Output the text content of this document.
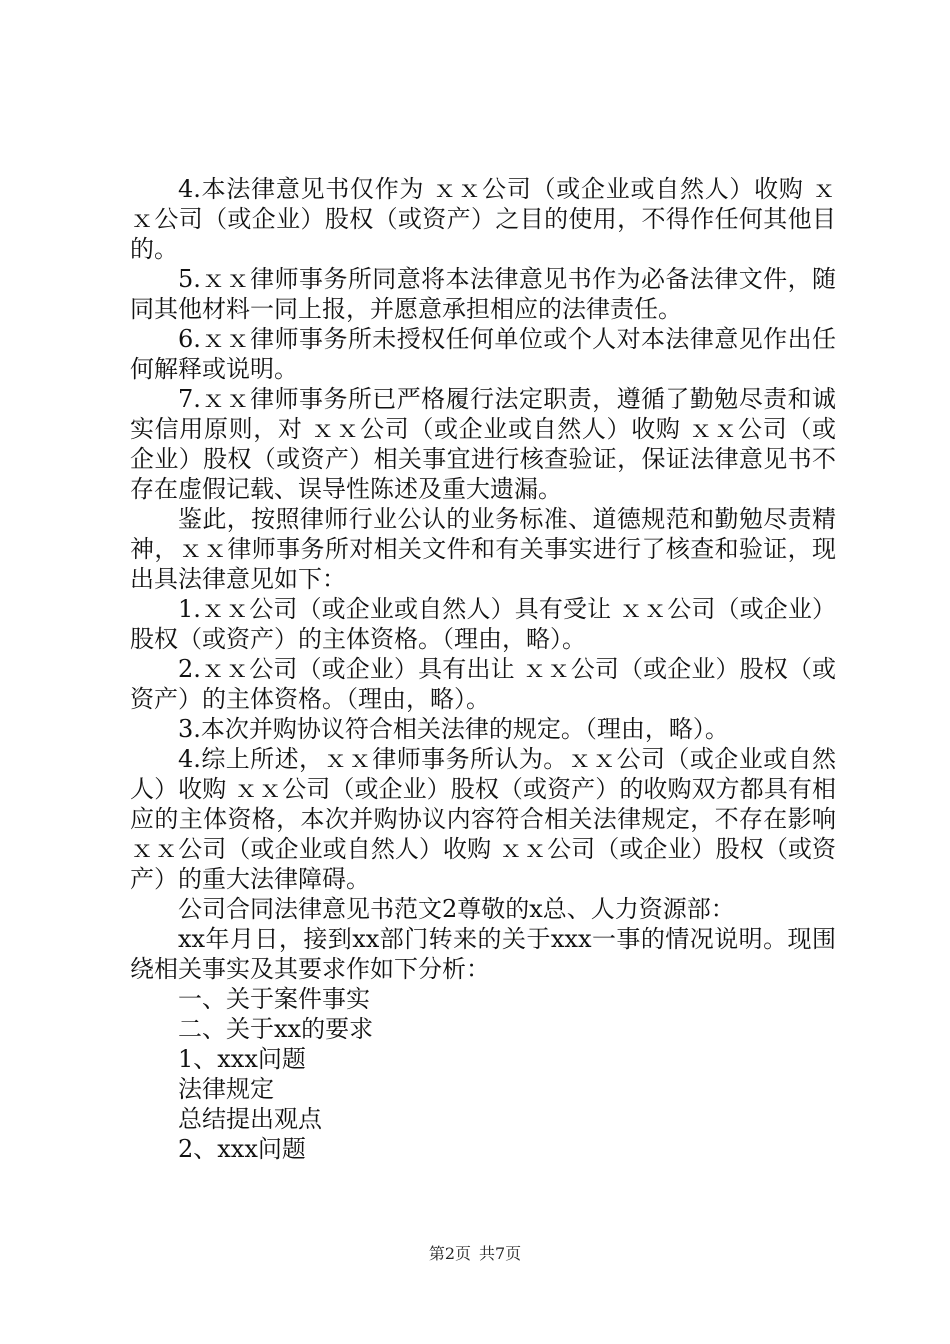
4.本法律意见书仅作为 ｘｘ公司（或企业或自然人）收购 ｘｘ公司（或企业）股权（或资产）之目的使用，不得作任何其他目的。

5.ｘｘ律师事务所同意将本法律意见书作为必备法律文件，随同其他材料一同上报，并愿意承担相应的法律责任。

6.ｘｘ律师事务所未授权任何单位或个人对本法律意见作出任何解释或说明。

7.ｘｘ律师事务所已严格履行法定职责，遵循了勤勉尽责和诚实信用原则，对 ｘｘ公司（或企业或自然人）收购 ｘｘ公司（或企业）股权（或资产）相关事宜进行核查验证，保证法律意见书不存在虚假记载、误导性陈述及重大遗漏。

鉴此，按照律师行业公认的业务标准、道德规范和勤勉尽责精神，ｘｘ律师事务所对相关文件和有关事实进行了核查和验证，现出具法律意见如下：

1.ｘｘ公司（或企业或自然人）具有受让 ｘｘ公司（或企业）股权（或资产）的主体资格。（理由，略）。

2.ｘｘ公司（或企业）具有出让 ｘｘ公司（或企业）股权（或资产）的主体资格。（理由，略）。

3.本次并购协议符合相关法律的规定。（理由，略）。

4.综上所述，ｘｘ律师事务所认为。ｘｘ公司（或企业或自然人）收购 ｘｘ公司（或企业）股权（或资产）的收购双方都具有相应的主体资格，本次并购协议内容符合相关法律规定，不存在影响 ｘｘ公司（或企业或自然人）收购 ｘｘ公司（或企业）股权（或资产）的重大法律障碍。

公司合同法律意见书范文2尊敬的x总、人力资源部：

xx年月日，接到xx部门转来的关于xxx一事的情况说明。现围绕相关事实及其要求作如下分析：

一、关于案件事实

二、关于xx的要求

1、xxx问题

法律规定

总结提出观点

2、xxx问题

第2页 共7页
